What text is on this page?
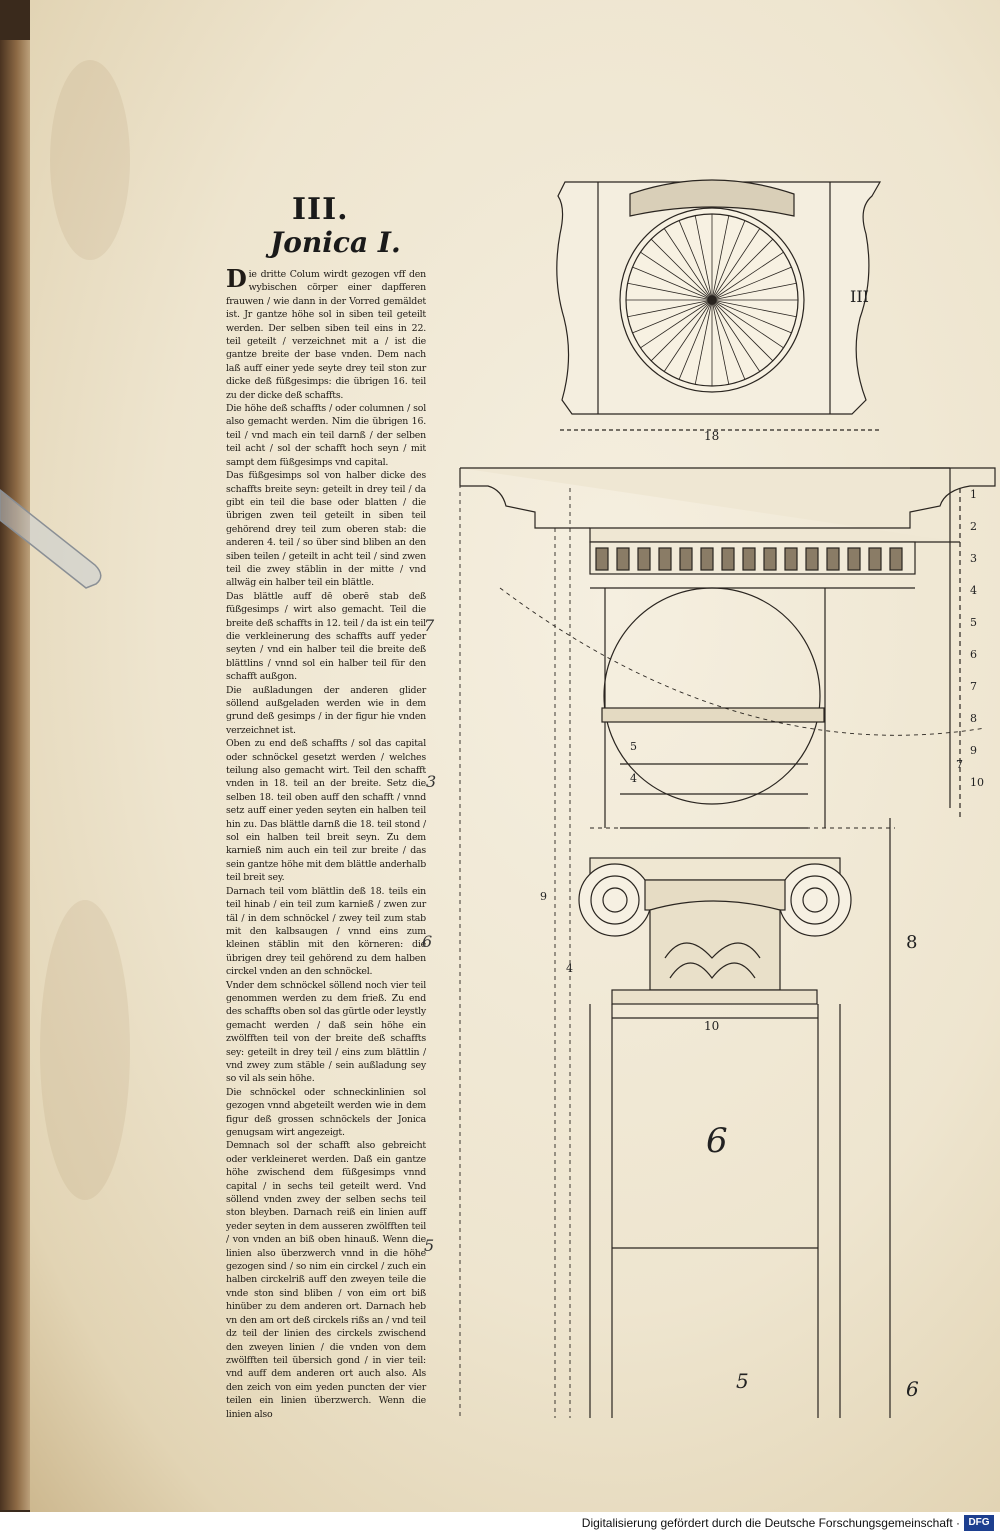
III.
Jonica I.

Die dritte Colum wirdt gezogen vff den wybischen cörper einer dapfferen frauwen / wie dann in der Vorred gemäldet ist. Jr gantze höhe sol in siben teil geteilt werden. Der selben siben teil eins in 22. teil geteilt / verzeichnet mit a / ist die gantze breite der base vnden. Dem nach laß auff einer yede seyte drey teil ston zur dicke deß füßgesimps: die übrigen 16. teil zu der dicke deß schaffts.

Die höhe deß schaffts / oder columnen / sol also gemacht werden. Nim die übrigen 16. teil / vnd mach ein teil darnß / der selben teil acht / sol der schafft hoch seyn / mit sampt dem füßgesimps vnd capital.

Das füßgesimps sol von halber dicke des schaffts breite seyn: geteilt in drey teil / da gibt ein teil die base oder blatten / die übrigen zwen teil geteilt in siben teil gehörend drey teil zum oberen stab: die anderen 4. teil / so über sind bliben an den siben teilen / geteilt in acht teil / sind zwen teil die zwey stäblin in der mitte / vnd allwäg ein halber teil ein blättle.

Das blättle auff dē oberē stab deß füßgesimps / wirt also gemacht. Teil die breite deß schaffts in 12. teil / da ist ein teil die verkleinerung des schaffts auff yeder seyten / vnd ein halber teil die breite deß blättlins / vnnd sol ein halber teil für den schafft außgon.

Die außladungen der anderen glider söllend außgeladen werden wie in dem grund deß gesimps / in der figur hie vnden verzeichnet ist.

Oben zu end deß schaffts / sol das capital oder schnöckel gesetzt werden / welches teilung also gemacht wirt. Teil den schafft vnden in 18. teil an der breite. Setz die selben 18. teil oben auff den schafft / vnnd setz auff einer yeden seyten ein halben teil hin zu. Das blättle darnß die 18. teil stond / sol ein halben teil breit seyn. Zu dem karnieß nim auch ein teil zur breite / das sein gantze höhe mit dem blättle anderhalb teil breit sey.

Darnach teil vom blättlin deß 18. teils ein teil hinab / ein teil zum karnieß / zwen zur täl / in dem schnöckel / zwey teil zum stab mit den kalbsaugen / vnnd eins zum kleinen stäblin mit den körneren: die übrigen drey teil gehörend zu dem halben circkel vnden an den schnöckel.

Vnder dem schnöckel söllend noch vier teil genommen werden zu dem frieß. Zu end des schaffts oben sol das gürtle oder leystly gemacht werden / daß sein höhe ein zwölfften teil von der breite deß schaffts sey: geteilt in drey teil / eins zum blättlin / vnd zwey zum stäble / sein außladung sey so vil als sein höhe.

Die schnöckel oder schneckinlinien sol gezogen vnnd abgeteilt werden wie in dem figur deß grossen schnöckels der Jonica genugsam wirt angezeigt.

Demnach sol der schafft also gebreicht oder verkleineret werden. Daß ein gantze höhe zwischend dem füßgesimps vnnd capital / in sechs teil geteilt werd. Vnd söllend vnden zwey der selben sechs teil ston bleyben. Darnach reiß ein linien auff yeder seyten in dem ausseren zwölfften teil / von vnden an biß oben hinauß. Wenn die linien also überzwerch vnnd in die höhe gezogen sind / so nim ein circkel / zuch ein halben circkelriß auff den zweyen teile die vnde ston sind bliben / von eim ort biß hinüber zu dem anderen ort. Darnach heb vn den am ort deß circkels rißs an / vnd teil dz teil der linien des circkels zwischend den zweyen linien / die vnden von dem zwölfften teil übersich gond / in vier teil: vnd auff dem anderen ort auch also. Als den zeich von eim yeden puncten der vier teilen ein linien überzwerch. Wenn die linien also

7
3
6
5
III
18
10
6
8
5	6
9
4
5
4
7
1
2
3
4
5
6
7
8
9
10
Digitalisierung gefördert durch die Deutsche Forschungsgemeinschaft · DFG
